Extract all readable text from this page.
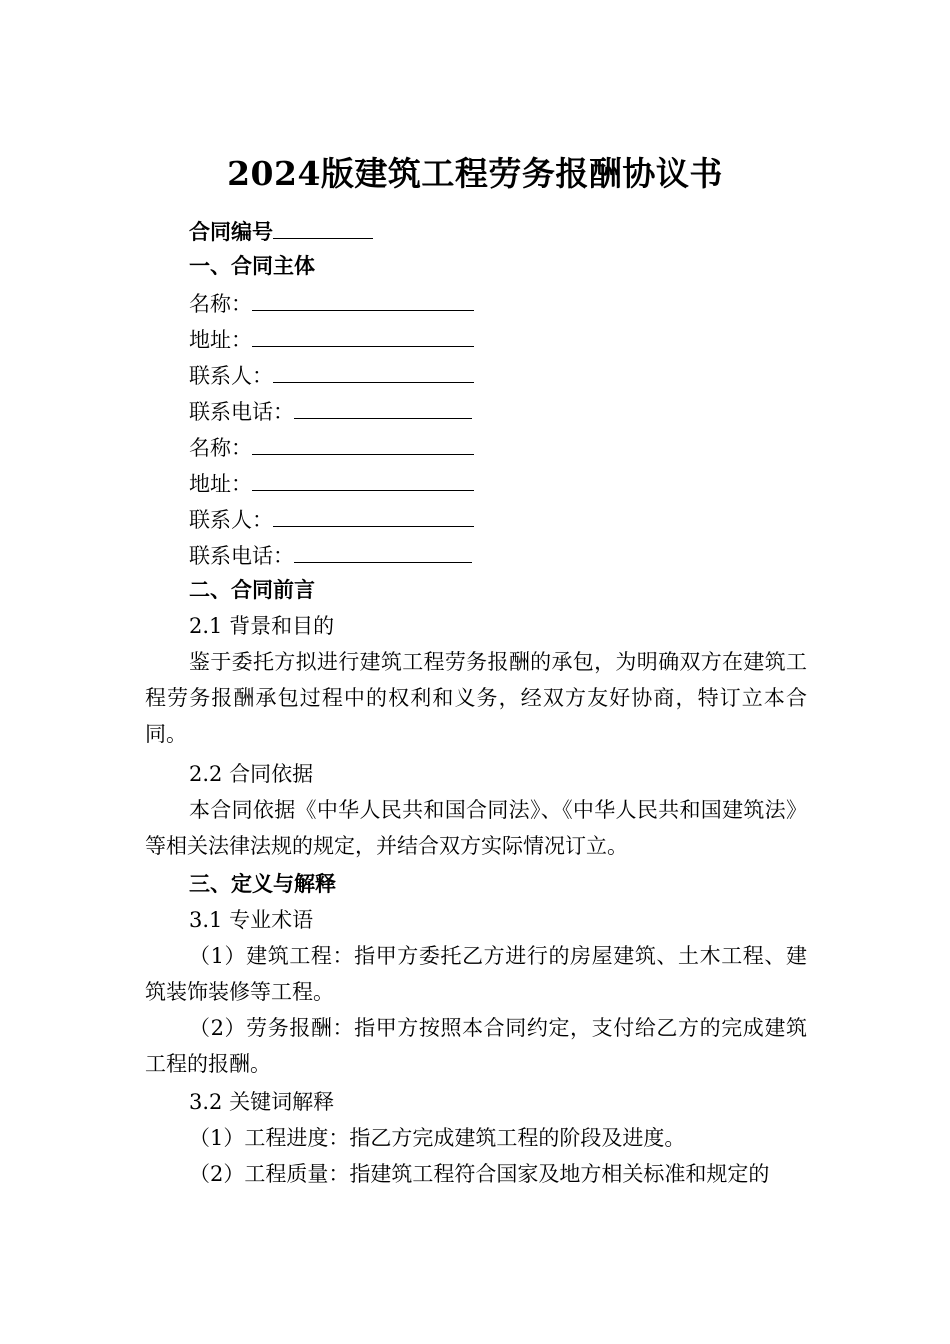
2024版建筑工程劳务报酬协议书
合同编号
一、合同主体
名称：
地址：
联系人：
联系电话：
名称：
地址：
联系人：
联系电话：
二、合同前言
2.1 背景和目的
鉴于委托方拟进行建筑工程劳务报酬的承包，为明确双方在建筑工程劳务报酬承包过程中的权利和义务，经双方友好协商，特订立本合同。
2.2 合同依据
本合同依据《中华人民共和国合同法》、《中华人民共和国建筑法》等相关法律法规的规定，并结合双方实际情况订立。
三、定义与解释
3.1 专业术语
（1）建筑工程：指甲方委托乙方进行的房屋建筑、土木工程、建筑装饰装修等工程。
（2）劳务报酬：指甲方按照本合同约定，支付给乙方的完成建筑工程的报酬。
3.2 关键词解释
（1）工程进度：指乙方完成建筑工程的阶段及进度。
（2）工程质量：指建筑工程符合国家及地方相关标准和规定的
